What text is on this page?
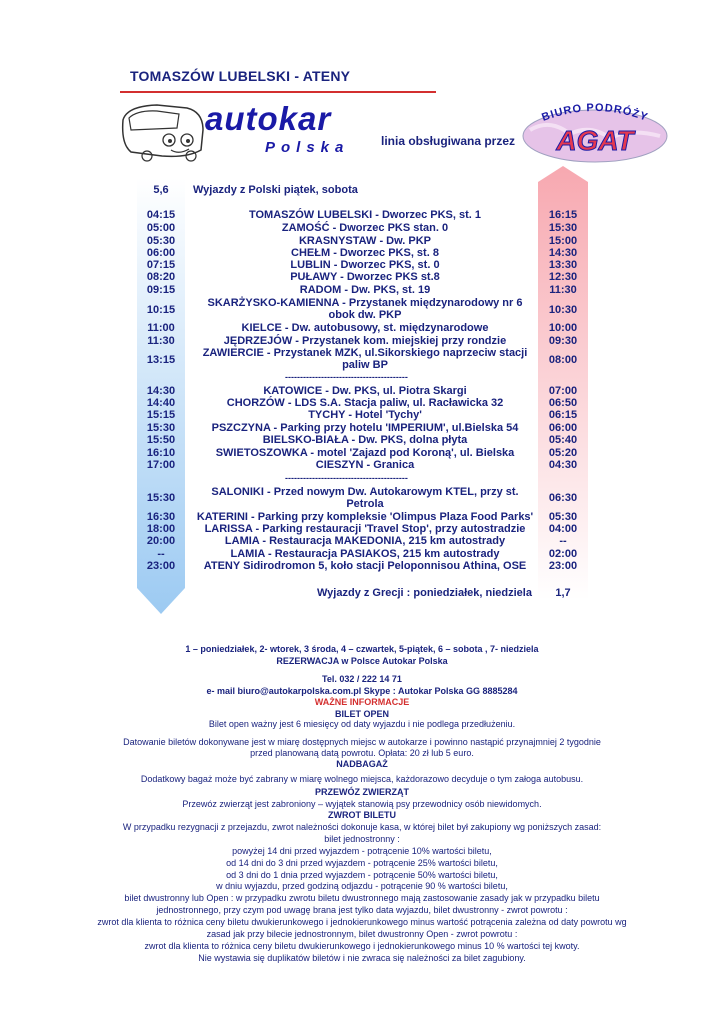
TOMASZÓW LUBELSKI - ATENY
autokar
Polska	linia obsługiwana przez
BIURO PODRÓŻY
AGAT
5,6	Wyjazdy z Polski piątek, sobota
04:15	TOMASZÓW LUBELSKI - Dworzec PKS, st. 1	16:15
05:00	ZAMOŚĆ - Dworzec PKS stan. 0	15:30
05:30	KRASNYSTAW - Dw. PKP	15:00
06:00	CHEŁM - Dworzec PKS, st. 8	14:30
07:15	LUBLIN - Dworzec PKS, st. 0	13:30
08:20	PUŁAWY - Dworzec PKS st.8	12:30
09:15	RADOM - Dw. PKS, st. 19	11:30
10:15
SKARŻYSKO-KAMIENNA - Przystanek międzynarodowy nr 6
obok dw. PKP	10:30
11:00	KIELCE - Dw. autobusowy, st. międzynarodowe	10:00
11:30	JĘDRZEJÓW - Przystanek kom. miejskiej przy rondzie	09:30
13:15
ZAWIERCIE - Przystanek MZK, ul.Sikorskiego naprzeciw stacji
paliw BP	08:00
-----------------------------------------
14:30	KATOWICE - Dw. PKS, ul. Piotra Skargi	07:00
14:40	CHORZÓW - LDS S.A. Stacja paliw, ul. Racławicka 32	06:50
15:15	TYCHY - Hotel 'Tychy'	06:15
15:30	PSZCZYNA - Parking przy hotelu 'IMPERIUM', ul.Bielska 54	06:00
15:50	BIELSKO-BIAŁA - Dw. PKS, dolna płyta	05:40
16:10	SWIETOSZOWKA - motel 'Zajazd pod Koroną', ul. Bielska	05:20
17:00	CIESZYN - Granica	04:30
-----------------------------------------
15:30	SALONIKI - Przed nowym Dw. Autokarowym KTEL, przy st.
Petrola	06:30
16:30	KATERINI - Parking przy kompleksie 'Olimpus Plaza Food Parks'	05:30
18:00	LARISSA - Parking restauracji 'Travel Stop', przy autostradzie	04:00
20:00	LAMIA - Restauracja MAKEDONIA, 215 km autostrady	--
--	LAMIA - Restauracja PASIAKOS, 215 km autostrady	02:00
23:00	ATENY Sidirodromon 5, koło stacji Peloponnisou Athina, OSE	23:00
Wyjazdy z Grecji : poniedziałek, niedziela	1,7
1 – poniedziałek, 2- wtorek, 3 środa, 4 – czwartek, 5-piątek, 6 – sobota , 7- niedziela
REZERWACJA w Polsce Autokar Polska
Tel. 032 / 222 14 71
e- mail biuro@autokarpolska.com.pl Skype : Autokar Polska GG 8885284
WAŻNE INFORMACJE
BILET OPEN
Bilet open ważny jest 6 miesięcy od daty wyjazdu i nie podlega przedłużeniu.
Datowanie biletów dokonywane jest w miarę dostępnych miejsc w autokarze i powinno nastąpić przynajmniej 2 tygodnie
przed planowaną datą powrotu. Opłata: 20 zł lub 5 euro.
NADBAGAŻ
Dodatkowy bagaż może być zabrany w miarę wolnego miejsca, każdorazowo decyduje o tym załoga autobusu.
PRZEWÓZ ZWIERZĄT
Przewóz zwierząt jest zabroniony – wyjątek stanowią psy przewodnicy osób niewidomych.
ZWROT BILETU
W przypadku rezygnacji z przejazdu, zwrot należności dokonuje kasa, w której bilet był zakupiony wg poniższych zasad:
bilet jednostronny :
powyżej 14 dni przed wyjazdem - potrącenie 10% wartości biletu,
od 14 dni do 3 dni przed wyjazdem - potrącenie 25% wartości biletu,
od 3 dni do 1 dnia przed wyjazdem - potrącenie 50% wartości biletu,
w dniu wyjazdu, przed godziną odjazdu - potrącenie 90 % wartości biletu,
bilet dwustronny lub Open : w przypadku zwrotu biletu dwustronnego mają zastosowanie zasady jak w przypadku biletu
jednostronnego, przy czym pod uwagę brana jest tylko data wyjazdu, bilet dwustronny - zwrot powrotu :
zwrot dla klienta to różnica ceny biletu dwukierunkowego i jednokierunkowego minus wartość potrącenia zależna od daty powrotu wg
zasad jak przy bilecie jednostronnym, bilet dwustronny Open - zwrot powrotu :
zwrot dla klienta to różnica ceny biletu dwukierunkowego i jednokierunkowego minus 10 % wartości tej kwoty.
Nie wystawia się duplikatów biletów i nie zwraca się należności za bilet zagubiony.
